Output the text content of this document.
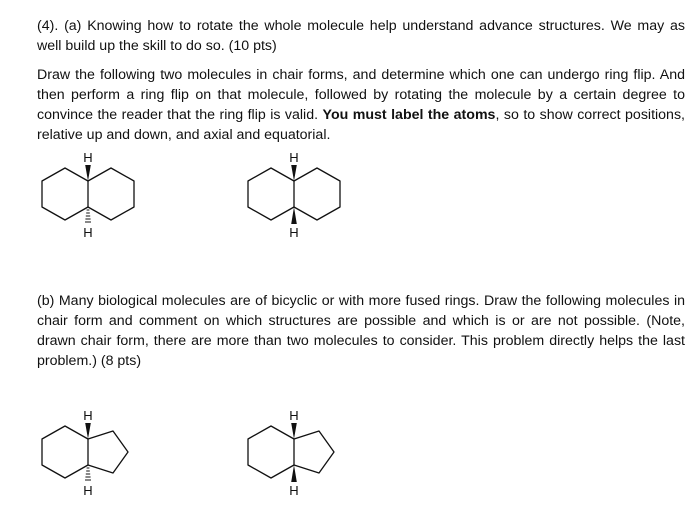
(4). (a) Knowing how to rotate the whole molecule help understand advance structures. We may as well build up the skill to do so. (10 pts)

Draw the following two molecules in chair forms, and determine which one can undergo ring flip. And then perform a ring flip on that molecule, followed by rotating the molecule by a certain degree to convince the reader that the ring flip is valid. You must label the atoms, so to show correct positions, relative up and down, and axial and equatorial.

H
H
H
H

(b) Many biological molecules are of bicyclic or with more fused rings. Draw the following molecules in chair form and comment on which structures are possible and which is or are not possible. (Note, drawn chair form, there are more than two molecules to consider. This problem directly helps the last problem.) (8 pts)

H
H
H
H
